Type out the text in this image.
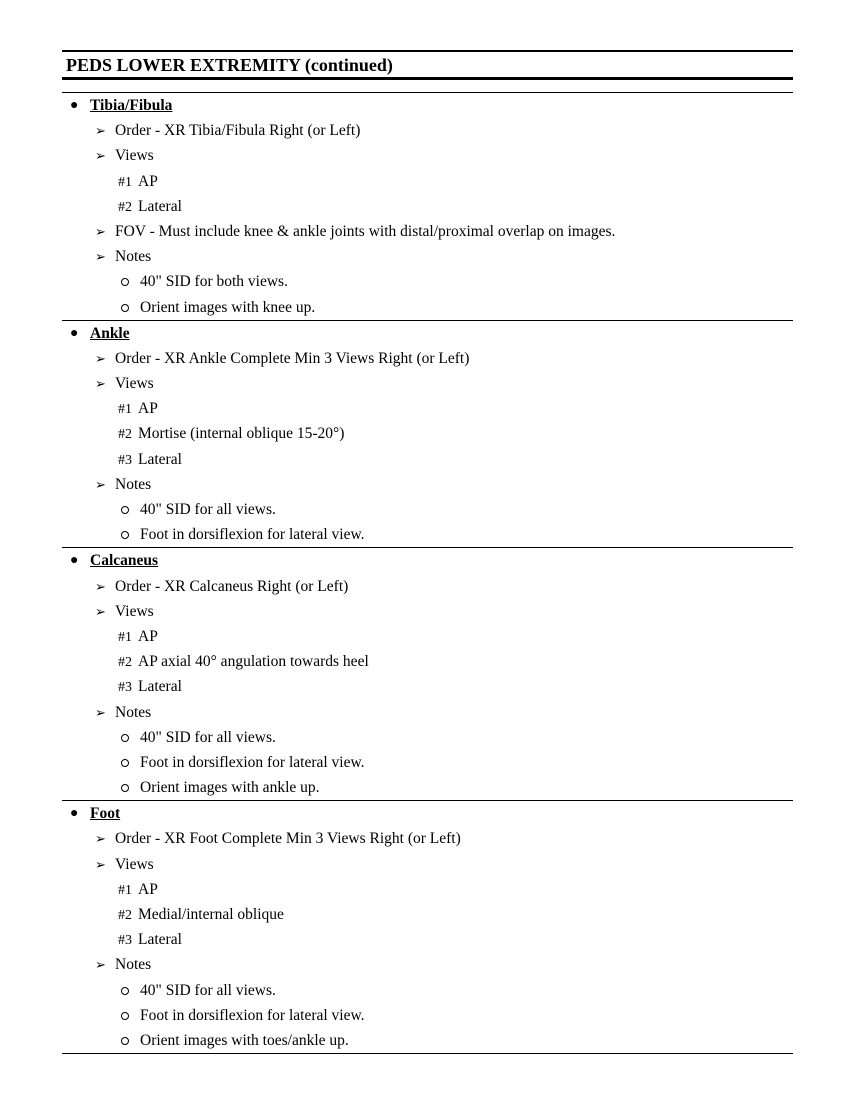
PEDS LOWER EXTREMITY (continued)
● Tibia/Fibula
➢ Order - XR Tibia/Fibula Right (or Left)
➢ Views
#1 AP
#2 Lateral
➢ FOV - Must include knee & ankle joints with distal/proximal overlap on images.
➢ Notes
40" SID for both views.
Orient images with knee up.
● Ankle
➢ Order - XR Ankle Complete Min 3 Views Right (or Left)
➢ Views
#1 AP
#2 Mortise (internal oblique 15-20°)
#3 Lateral
➢ Notes
40" SID for all views.
Foot in dorsiflexion for lateral view.
● Calcaneus
➢ Order - XR Calcaneus Right (or Left)
➢ Views
#1 AP
#2 AP axial 40° angulation towards heel
#3 Lateral
➢ Notes
40" SID for all views.
Foot in dorsiflexion for lateral view.
Orient images with ankle up.
● Foot
➢ Order - XR Foot Complete Min 3 Views Right (or Left)
➢ Views
#1 AP
#2 Medial/internal oblique
#3 Lateral
➢ Notes
40" SID for all views.
Foot in dorsiflexion for lateral view.
Orient images with toes/ankle up.
